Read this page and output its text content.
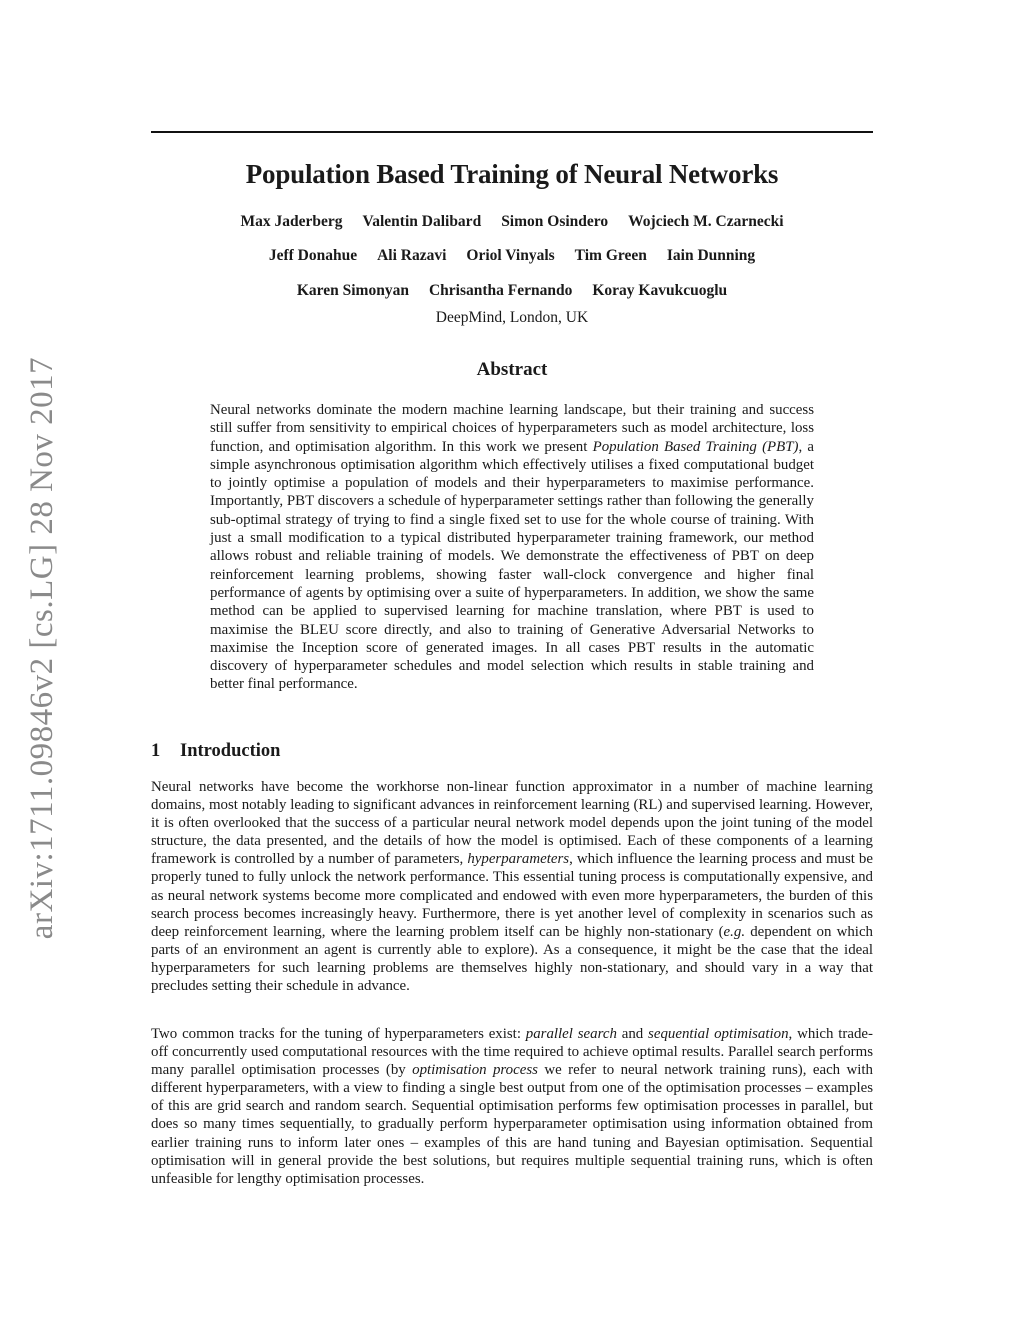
arXiv:1711.09846v2 [cs.LG] 28 Nov 2017
Population Based Training of Neural Networks
Max Jaderberg Valentin Dalibard Simon Osindero Wojciech M. Czarnecki
Jeff Donahue Ali Razavi Oriol Vinyals Tim Green Iain Dunning
Karen Simonyan Chrisantha Fernando Koray Kavukcuoglu
DeepMind, London, UK
Abstract

Neural networks dominate the modern machine learning landscape, but their training and success still suffer from sensitivity to empirical choices of hyperparameters such as model architecture, loss function, and optimisation algorithm. In this work we present Population Based Training (PBT), a simple asynchronous optimisation algorithm which effectively utilises a fixed computational budget to jointly optimise a population of models and their hyperparameters to maximise performance. Importantly, PBT discovers a schedule of hyperparameter settings rather than following the generally sub-optimal strategy of trying to find a single fixed set to use for the whole course of training. With just a small modification to a typical distributed hyperparameter training framework, our method allows robust and reliable training of models. We demonstrate the effectiveness of PBT on deep reinforcement learning problems, showing faster wall-clock convergence and higher final performance of agents by optimising over a suite of hyperparameters. In addition, we show the same method can be applied to supervised learning for machine translation, where PBT is used to maximise the BLEU score directly, and also to training of Generative Adversarial Networks to maximise the Inception score of generated images. In all cases PBT results in the automatic discovery of hyperparameter schedules and model selection which results in stable training and better final performance.

1 Introduction

Neural networks have become the workhorse non-linear function approximator in a number of machine learning domains, most notably leading to significant advances in reinforcement learning (RL) and supervised learning. However, it is often overlooked that the success of a particular neural network model depends upon the joint tuning of the model structure, the data presented, and the details of how the model is optimised. Each of these components of a learning framework is controlled by a number of parameters, hyperparameters, which influence the learning process and must be properly tuned to fully unlock the network performance. This essential tuning process is computationally expensive, and as neural network systems become more complicated and endowed with even more hyperparameters, the burden of this search process becomes increasingly heavy. Furthermore, there is yet another level of complexity in scenarios such as deep reinforcement learning, where the learning problem itself can be highly non-stationary (e.g. dependent on which parts of an environment an agent is currently able to explore). As a consequence, it might be the case that the ideal hyperparameters for such learning problems are themselves highly non-stationary, and should vary in a way that precludes setting their schedule in advance.

Two common tracks for the tuning of hyperparameters exist: parallel search and sequential optimisation, which trade-off concurrently used computational resources with the time required to achieve optimal results. Parallel search performs many parallel optimisation processes (by optimisation process we refer to neural network training runs), each with different hyperparameters, with a view to finding a single best output from one of the optimisation processes – examples of this are grid search and random search. Sequential optimisation performs few optimisation processes in parallel, but does so many times sequentially, to gradually perform hyperparameter optimisation using information obtained from earlier training runs to inform later ones – examples of this are hand tuning and Bayesian optimisation. Sequential optimisation will in general provide the best solutions, but requires multiple sequential training runs, which is often unfeasible for lengthy optimisation processes.
